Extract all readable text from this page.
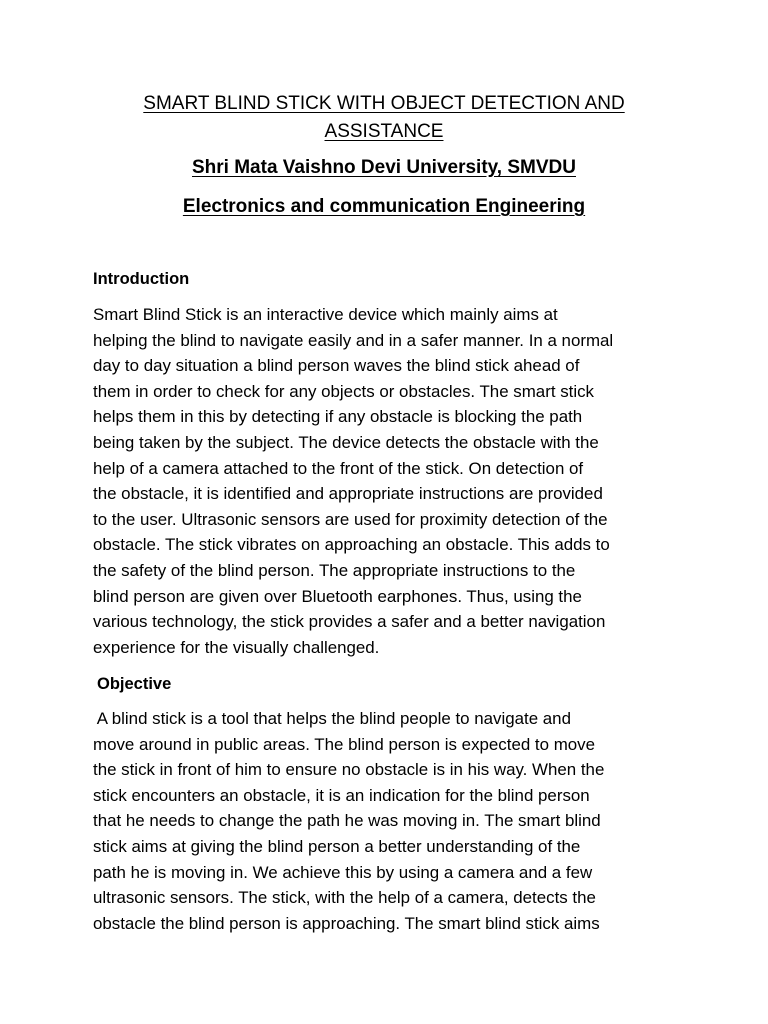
SMART BLIND STICK WITH OBJECT DETECTION AND
ASSISTANCE

Shri Mata Vaishno Devi University, SMVDU

Electronics and communication Engineering

Introduction

Smart Blind Stick is an interactive device which mainly aims at
helping the blind to navigate easily and in a safer manner. In a normal
day to day situation a blind person waves the blind stick ahead of
them in order to check for any objects or obstacles. The smart stick
helps them in this by detecting if any obstacle is blocking the path
being taken by the subject. The device detects the obstacle with the
help of a camera attached to the front of the stick. On detection of
the obstacle, it is identified and appropriate instructions are provided
to the user. Ultrasonic sensors are used for proximity detection of the
obstacle. The stick vibrates on approaching an obstacle. This adds to
the safety of the blind person. The appropriate instructions to the
blind person are given over Bluetooth earphones. Thus, using the
various technology, the stick provides a safer and a better navigation
experience for the visually challenged.

Objective

A blind stick is a tool that helps the blind people to navigate and
move around in public areas. The blind person is expected to move
the stick in front of him to ensure no obstacle is in his way. When the
stick encounters an obstacle, it is an indication for the blind person
that he needs to change the path he was moving in. The smart blind
stick aims at giving the blind person a better understanding of the
path he is moving in. We achieve this by using a camera and a few
ultrasonic sensors. The stick, with the help of a camera, detects the
obstacle the blind person is approaching. The smart blind stick aims
